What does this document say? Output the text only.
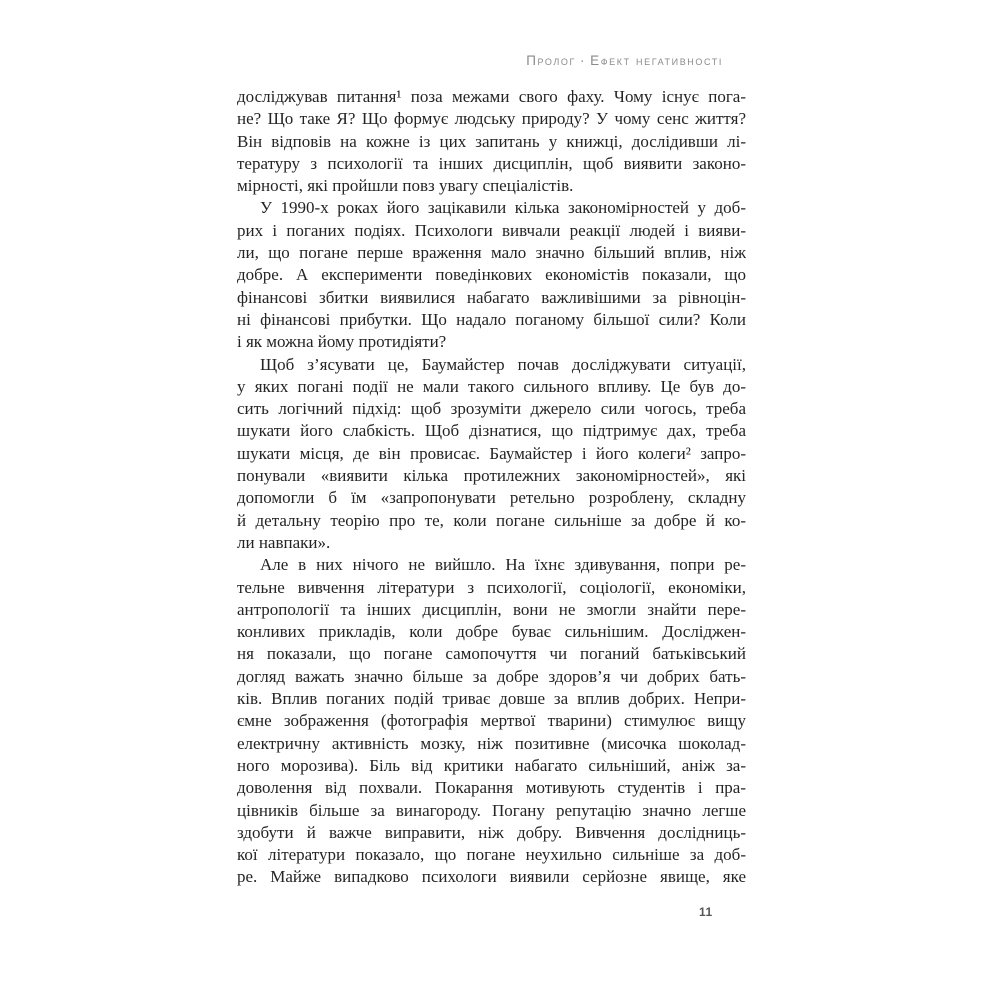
Пролог · Ефект негативності
досліджував питання¹ поза межами свого фаху. Чому існує пога-
не? Що таке Я? Що формує людську природу? У чому сенс життя?
Він відповів на кожне із цих запитань у книжці, дослідивши лі-
тературу з психології та інших дисциплін, щоб виявити законо-
мірності, які пройшли повз увагу спеціалістів.
У 1990-х роках його зацікавили кілька закономірностей у доб-
рих і поганих подіях. Психологи вивчали реакції людей і вияви-
ли, що погане перше враження мало значно більший вплив, ніж
добре. А експерименти поведінкових економістів показали, що
фінансові збитки виявилися набагато важливішими за рівноцін-
ні фінансові прибутки. Що надало поганому більшої сили? Коли
і як можна йому протидіяти?
Щоб з’ясувати це, Баумайстер почав досліджувати ситуації,
у яких погані події не мали такого сильного впливу. Це був до-
сить логічний підхід: щоб зрозуміти джерело сили чогось, треба
шукати його слабкість. Щоб дізнатися, що підтримує дах, треба
шукати місця, де він провисає. Баумайстер і його колеги² запро-
понували «виявити кілька протилежних закономірностей», які
допомогли б їм «запропонувати ретельно розроблену, складну
й детальну теорію про те, коли погане сильніше за добре й ко-
ли навпаки».
Але в них нічого не вийшло. На їхнє здивування, попри ре-
тельне вивчення літератури з психології, соціології, економіки,
антропології та інших дисциплін, вони не змогли знайти пере-
конливих прикладів, коли добре буває сильнішим. Досліджен-
ня показали, що погане самопочуття чи поганий батьківський
догляд важать значно більше за добре здоров’я чи добрих бать-
ків. Вплив поганих подій триває довше за вплив добрих. Непри-
ємне зображення (фотографія мертвої тварини) стимулює вищу
електричну активність мозку, ніж позитивне (мисочка шоколад-
ного морозива). Біль від критики набагато сильніший, аніж за-
доволення від похвали. Покарання мотивують студентів і пра-
цівників більше за винагороду. Погану репутацію значно легше
здобути й важче виправити, ніж добру. Вивчення дослідниць-
кої літератури показало, що погане неухильно сильніше за доб-
ре. Майже випадково психологи виявили серйозне явище, яке
11
